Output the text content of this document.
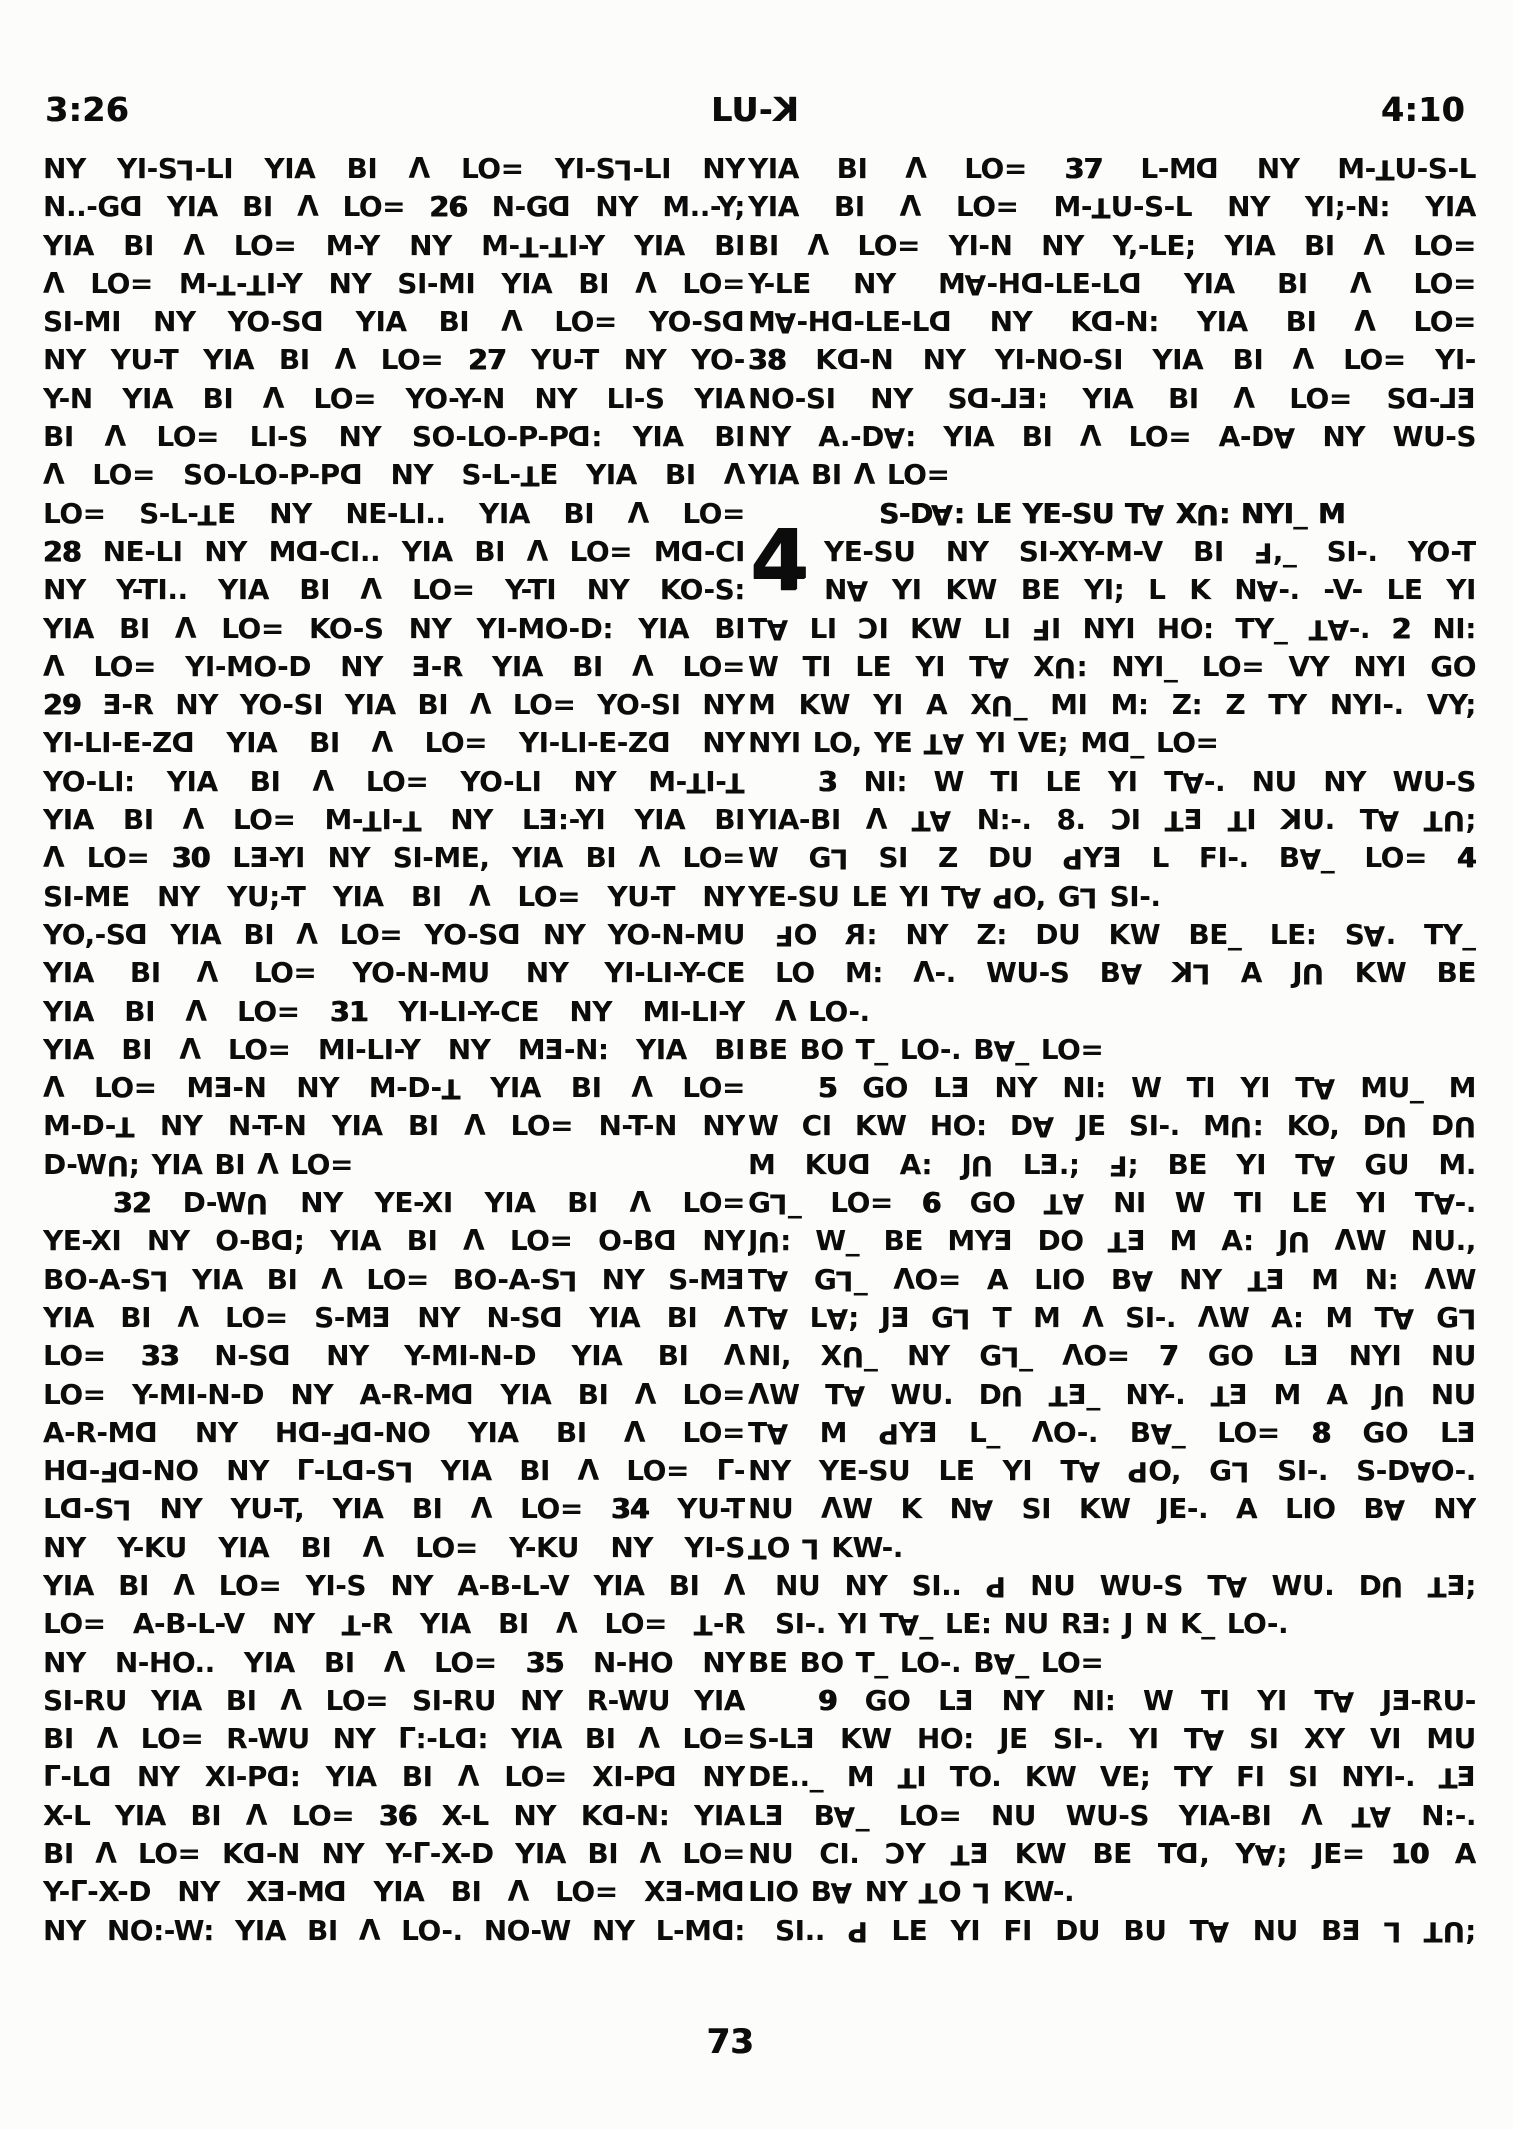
3:26	LU-K	4:10
NY YI-SL-LI YIA BI Λ LO= YI-SL-LI NY
N..-GD YIA BI Λ LO= 26 N-GD NY M..-Y;
YIA BI Λ LO= M-Y NY M-T-TI-Y YIA BI
Λ LO= M-T-TI-Y NY SI-MI YIA BI Λ LO=
SI-MI NY YO-SD YIA BI Λ LO= YO-SD
NY YU-T YIA BI Λ LO= 27 YU-T NY YO-
Y-N YIA BI Λ LO= YO-Y-N NY LI-S YIA
BI Λ LO= LI-S NY SO-LO-P-PD: YIA BI
Λ LO= SO-LO-P-PD NY S-L-TE YIA BI Λ
LO= S-L-TE NY NE-LI.. YIA BI Λ LO=
28 NE-LI NY MD-CI.. YIA BI Λ LO= MD-CI
NY Y-TI.. YIA BI Λ LO= Y-TI NY KO-S:
YIA BI Λ LO= KO-S NY YI-MO-D: YIA BI
Λ LO= YI-MO-D NY E-R YIA BI Λ LO=
29 E-R NY YO-SI YIA BI Λ LO= YO-SI NY
YI-LI-E-ZD YIA BI Λ LO= YI-LI-E-ZD NY
YO-LI: YIA BI Λ LO= YO-LI NY M-TI-T
YIA BI Λ LO= M-TI-T NY LE:-YI YIA BI
Λ LO= 30 LE-YI NY SI-ME, YIA BI Λ LO=
SI-ME NY YU;-T YIA BI Λ LO= YU-T NY
YO,-SD YIA BI Λ LO= YO-SD NY YO-N-MU
YIA BI Λ LO= YO-N-MU NY YI-LI-Y-CE
YIA BI Λ LO= 31 YI-LI-Y-CE NY MI-LI-Y
YIA BI Λ LO= MI-LI-Y NY ME-N: YIA BI
Λ LO= ME-N NY M-D-T YIA BI Λ LO=
M-D-T NY N-T-N YIA BI Λ LO= N-T-N NY
D-WU; YIA BI Λ LO=
32 D-WU NY YE-XI YIA BI Λ LO=
YE-XI NY O-BD; YIA BI Λ LO= O-BD NY
BO-A-SL YIA BI Λ LO= BO-A-SL NY S-ME
YIA BI Λ LO= S-ME NY N-SD YIA BI Λ
LO= 33 N-SD NY Y-MI-N-D YIA BI Λ
LO= Y-MI-N-D NY A-R-MD YIA BI Λ LO=
A-R-MD NY HD-FD-NO YIA BI Λ LO=
HD-FD-NO NY Γ-LD-SL YIA BI Λ LO= Γ-
LD-SL NY YU-T, YIA BI Λ LO= 34 YU-T
NY Y-KU YIA BI Λ LO= Y-KU NY YI-S
YIA BI Λ LO= YI-S NY A-B-L-V YIA BI Λ
LO= A-B-L-V NY T-R YIA BI Λ LO= T-R
NY N-HO.. YIA BI Λ LO= 35 N-HO NY
SI-RU YIA BI Λ LO= SI-RU NY R-WU YIA
BI Λ LO= R-WU NY Γ:-LD: YIA BI Λ LO=
Γ-LD NY XI-PD: YIA BI Λ LO= XI-PD NY
X-L YIA BI Λ LO= 36 X-L NY KD-N: YIA
BI Λ LO= KD-N NY Y-Γ-X-D YIA BI Λ LO=
Y-Γ-X-D NY XE-MD YIA BI Λ LO= XE-MD
NY NO:-W: YIA BI Λ LO-. NO-W NY L-MD:
4
YIA BI Λ LO= 37 L-MD NY M-TU-S-L
YIA BI Λ LO= M-TU-S-L NY YI;-N: YIA
BI Λ LO= YI-N NY Y,-LE; YIA BI Λ LO=
Y-LE NY MA-HD-LE-LD YIA BI Λ LO=
MA-HD-LE-LD NY KD-N: YIA BI Λ LO=
38 KD-N NY YI-NO-SI YIA BI Λ LO= YI-
NO-SI NY SD-LE: YIA BI Λ LO= SD-LE
NY A.-DA: YIA BI Λ LO= A-DA NY WU-S
YIA BI Λ LO=
S-DA: LE YE-SU TA XU: NYI_ M
YE-SU NY SI-XY-M-V BI F,_ SI-. YO-T
NA YI KW BE YI; L K NA-. -V- LE YI
TA LI CI KW LI FI NYI HO: TY_ TA-. 2 NI:
W TI LE YI TA XU: NYI_ LO= VY NYI GO
M KW YI A XU_ MI M: Z: Z TY NYI-. VY;
NYI LO, YE TA YI VE; MD_ LO=
3 NI: W TI LE YI TA-. NU NY WU-S
YIA-BI Λ TA N:-. 8. CI TE TI KU. TA TU;
W GL SI Z DU PYE L FI-. BA_ LO= 4
YE-SU LE YI TA PO, GL SI-.
FO R: NY Z: DU KW BE_ LE: SA. TY_
LO M: Λ-. WU-S BA KL A JU KW BE
Λ LO-.
BE BO T_ LO-. BA_ LO=
5 GO LE NY NI: W TI YI TA MU_ M
W CI KW HO: DA JE SI-. MU: KO, DU DU
M KUD A: JU LE.; F; BE YI TA GU M.
GL_ LO= 6 GO TA NI W TI LE YI TA-.
JU: W_ BE MYE DO TE M A: JU ΛW NU.,
TA GL_ ΛO= A LIO BA NY TE M N: ΛW
TA LA; JE GL T M Λ SI-. ΛW A: M TA GL
NI, XU_ NY GL_ ΛO= 7 GO LE NYI NU
ΛW TA WU. DU TE_ NY-. TE M A JU NU
TA M PYE L_ ΛO-. BA_ LO= 8 GO LE
NY YE-SU LE YI TA PO, GL SI-. S-DAO-.
NU ΛW K NA SI KW JE-. A LIO BA NY
TO L KW-.
NU NY SI.. P NU WU-S TA WU. DU TE;
SI-. YI TA_ LE: NU RE: J N K_ LO-.
BE BO T_ LO-. BA_ LO=
9 GO LE NY NI: W TI YI TA JE-RU-
S-LE KW HO: JE SI-. YI TA SI XY VI MU
DE.._ M TI TO. KW VE; TY FI SI NYI-. TE
LE BA_ LO= NU WU-S YIA-BI Λ TA N:-.
NU CI. CY TE KW BE TD, YA; JE= 10 A
LIO BA NY TO L KW-.
SI.. P LE YI FI DU BU TA NU BE L TU;
73
